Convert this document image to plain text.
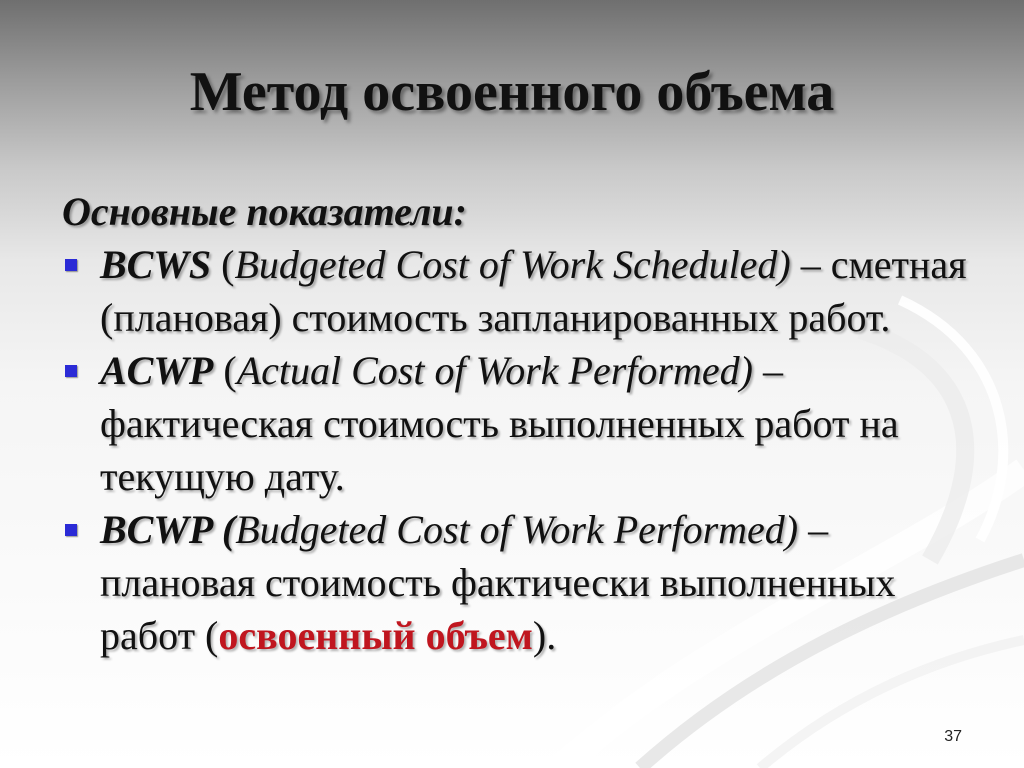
Метод освоенного объема
Основные показатели:
BCWS (Budgeted Cost of Work Scheduled) – сметная (плановая) стоимость запланированных работ.
ACWP (Actual Cost of Work Performed) – фактическая стоимость выполненных работ на текущую дату.
BCWP (Budgeted Cost of Work Performed) – плановая стоимость фактически выполненных работ (освоенный объем).
37
